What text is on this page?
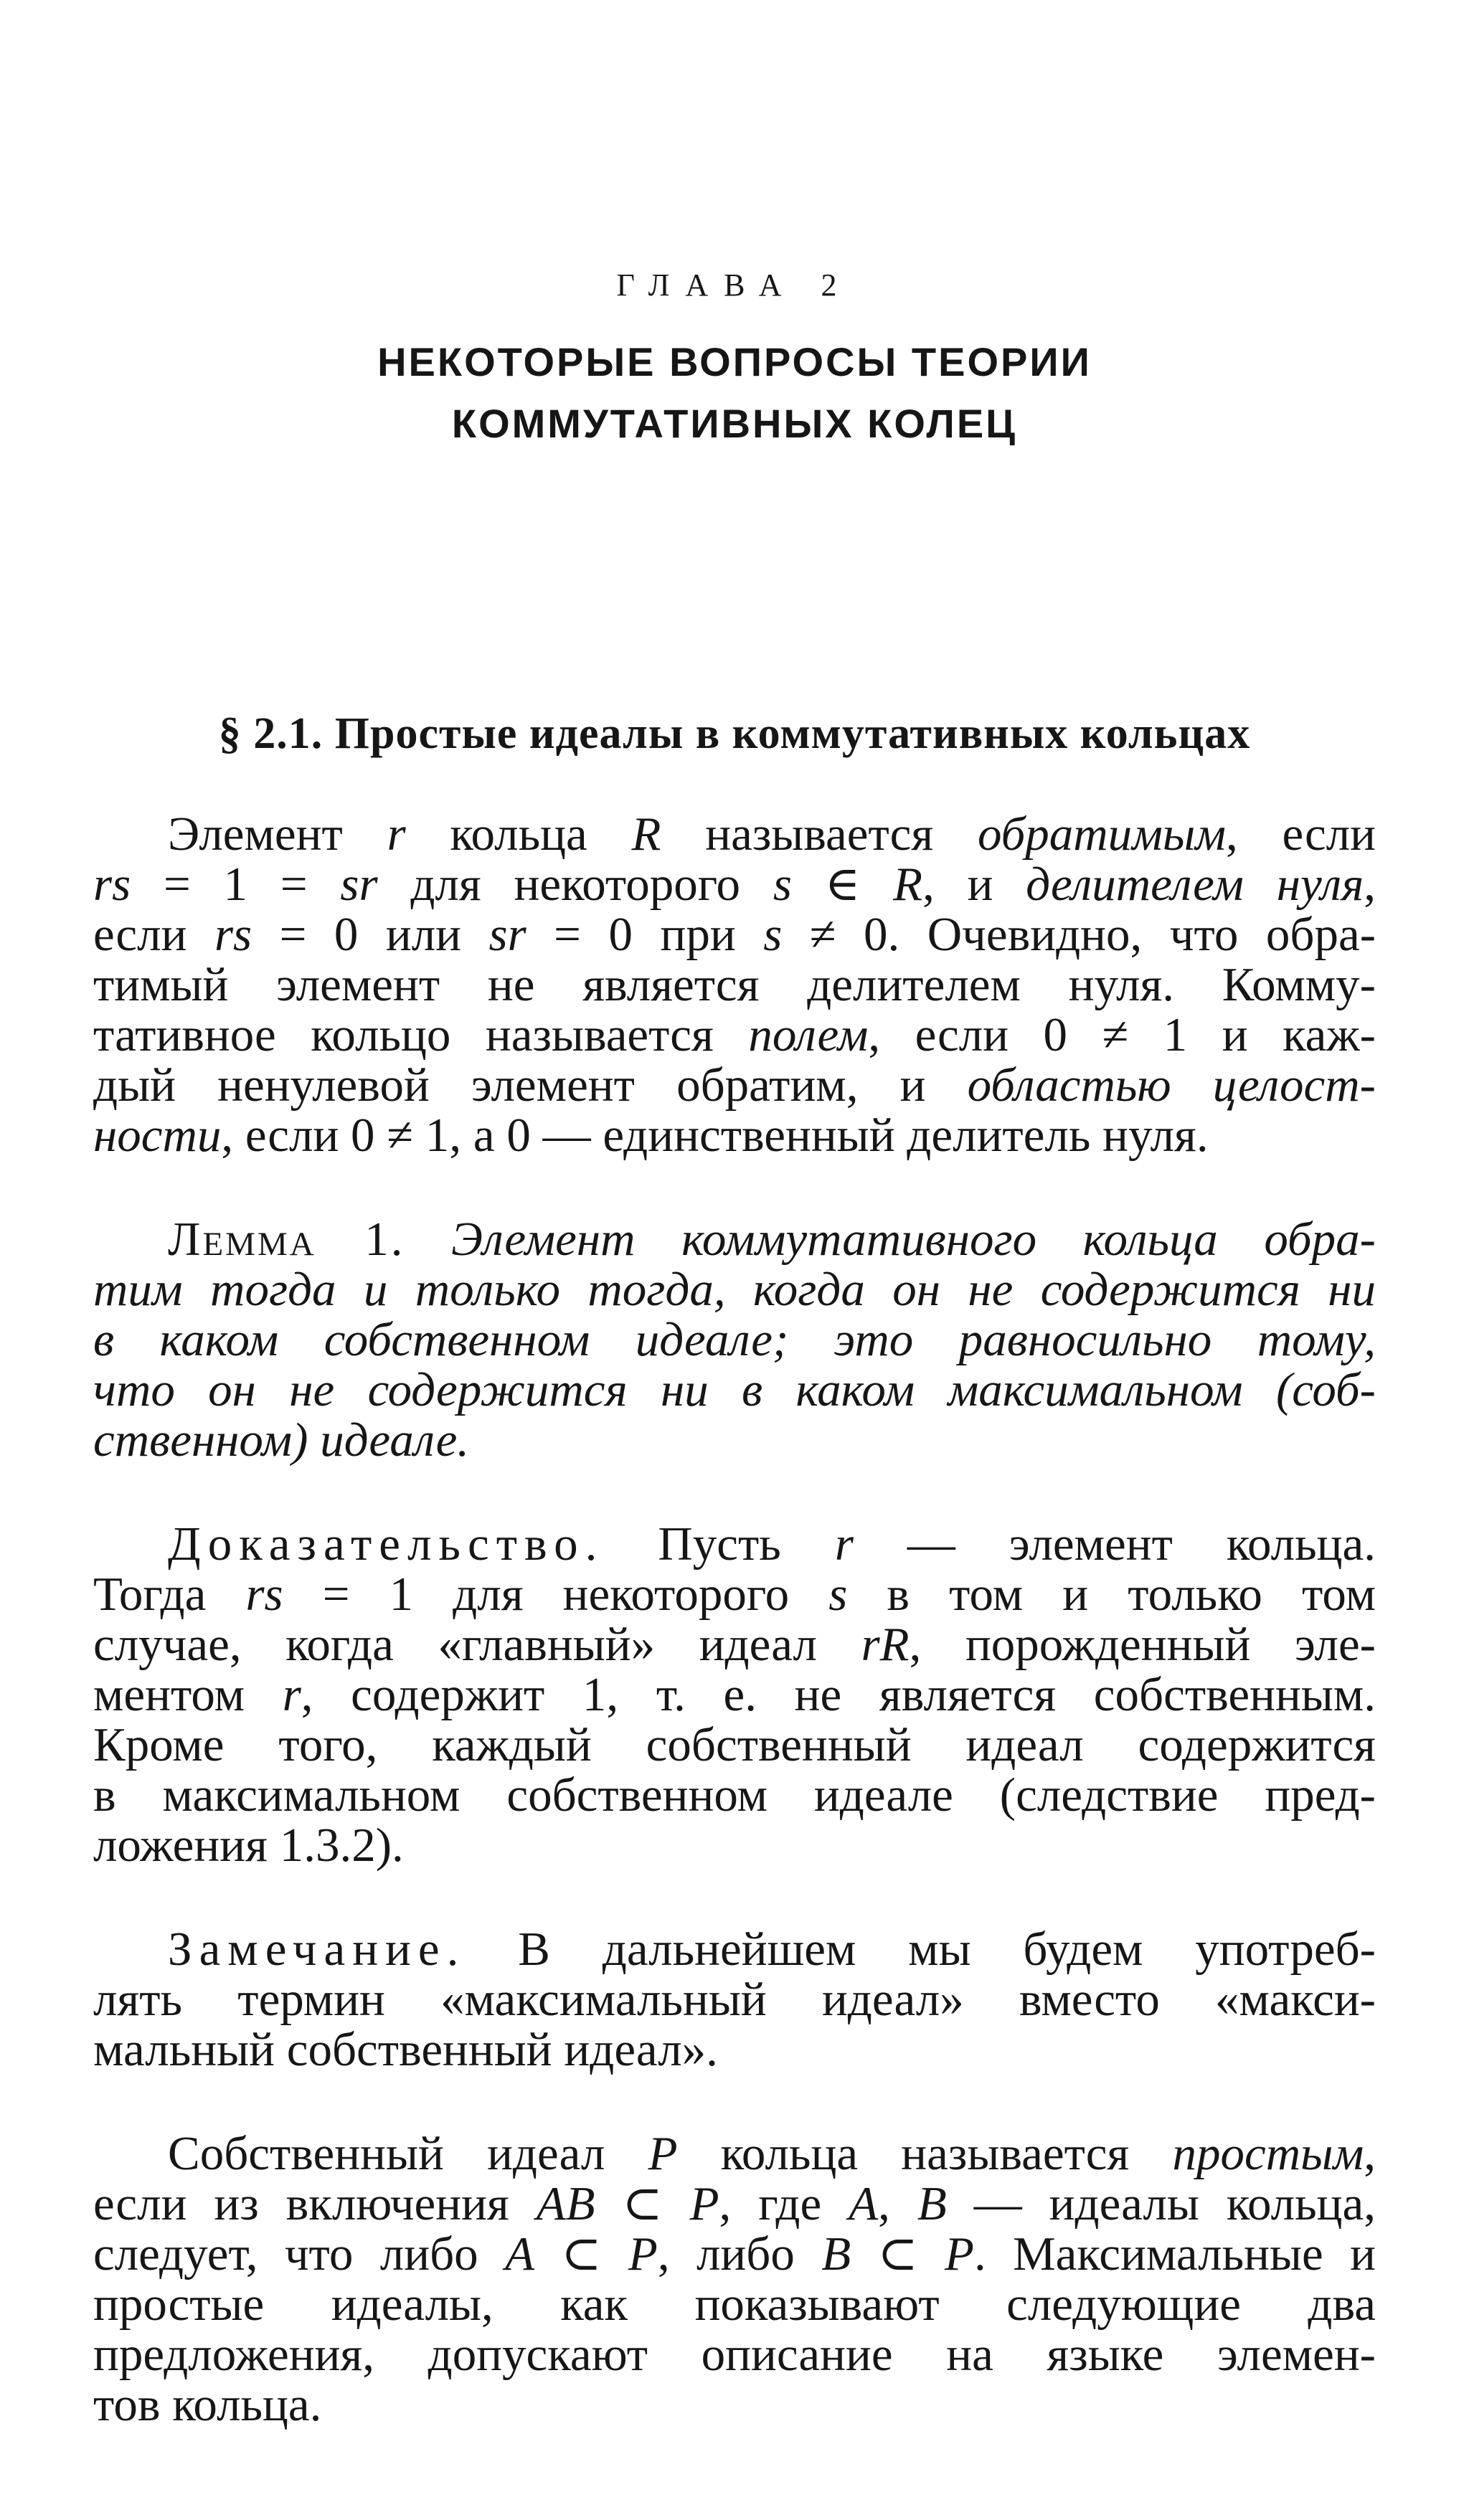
ГЛАВА 2
НЕКОТОРЫЕ ВОПРОСЫ ТЕОРИИ
КОММУТАТИВНЫХ КОЛЕЦ
§ 2.1. Простые идеалы в коммутативных кольцах
Элемент r кольца R называется обратимым, если
rs = 1 = sr для некоторого s ∈ R, и делителем нуля,
если rs = 0 или sr = 0 при s ≠ 0. Очевидно, что обра-
тимый элемент не является делителем нуля. Комму-
тативное кольцо называется полем, если 0 ≠ 1 и каж-
дый ненулевой элемент обратим, и областью целост-
ности, если 0 ≠ 1, а 0 — единственный делитель нуля.
Лемма 1. Элемент коммутативного кольца обра-
тим тогда и только тогда, когда он не содержится ни
в каком собственном идеале; это равносильно тому,
что он не содержится ни в каком максимальном (соб-
ственном) идеале.
Доказательство. Пусть r — элемент кольца.
Тогда rs = 1 для некоторого s в том и только том
случае, когда «главный» идеал rR, порожденный эле-
ментом r, содержит 1, т. е. не является собственным.
Кроме того, каждый собственный идеал содержится
в максимальном собственном идеале (следствие пред-
ложения 1.3.2).
Замечание. В дальнейшем мы будем употреб-
лять термин «максимальный идеал» вместо «макси-
мальный собственный идеал».
Собственный идеал P кольца называется простым,
если из включения AB ⊂ P, где A, B — идеалы кольца,
следует, что либо A ⊂ P, либо B ⊂ P. Максимальные и
простые идеалы, как показывают следующие два
предложения, допускают описание на языке элемен-
тов кольца.
